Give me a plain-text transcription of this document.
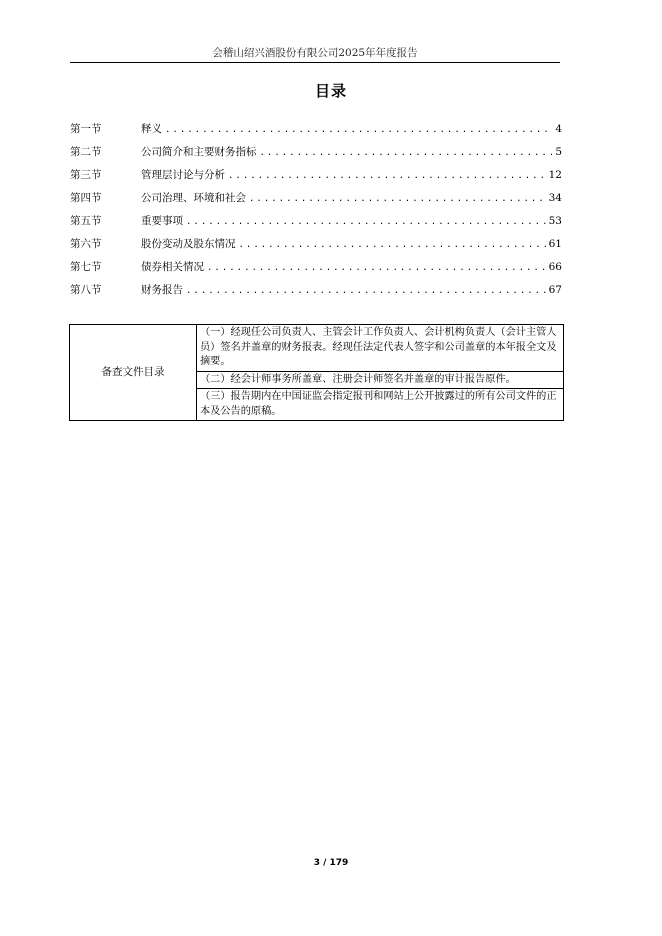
会稽山绍兴酒股份有限公司2025年年度报告
目录
第一节	释义 .....	4
第二节	公司简介和主要财务指标 .....	5
第三节	管理层讨论与分析 .....	12
第四节	公司治理、环境和社会 .....	34
第五节	重要事项 .....	53
第六节	股份变动及股东情况 .....	61
第七节	债券相关情况 .....	66
第八节	财务报告 .....	67
备查文件目录	（一）经现任公司负责人、主管会计工作负责人、会计机构负责人（会计主管人员）签名并盖章的财务报表。经现任法定代表人签字和公司盖章的本年报全文及摘要。
（二）经会计师事务所盖章、注册会计师签名并盖章的审计报告原件。
（三）报告期内在中国证监会指定报刊和网站上公开披露过的所有公司文件的正本及公告的原稿。
3 / 179
